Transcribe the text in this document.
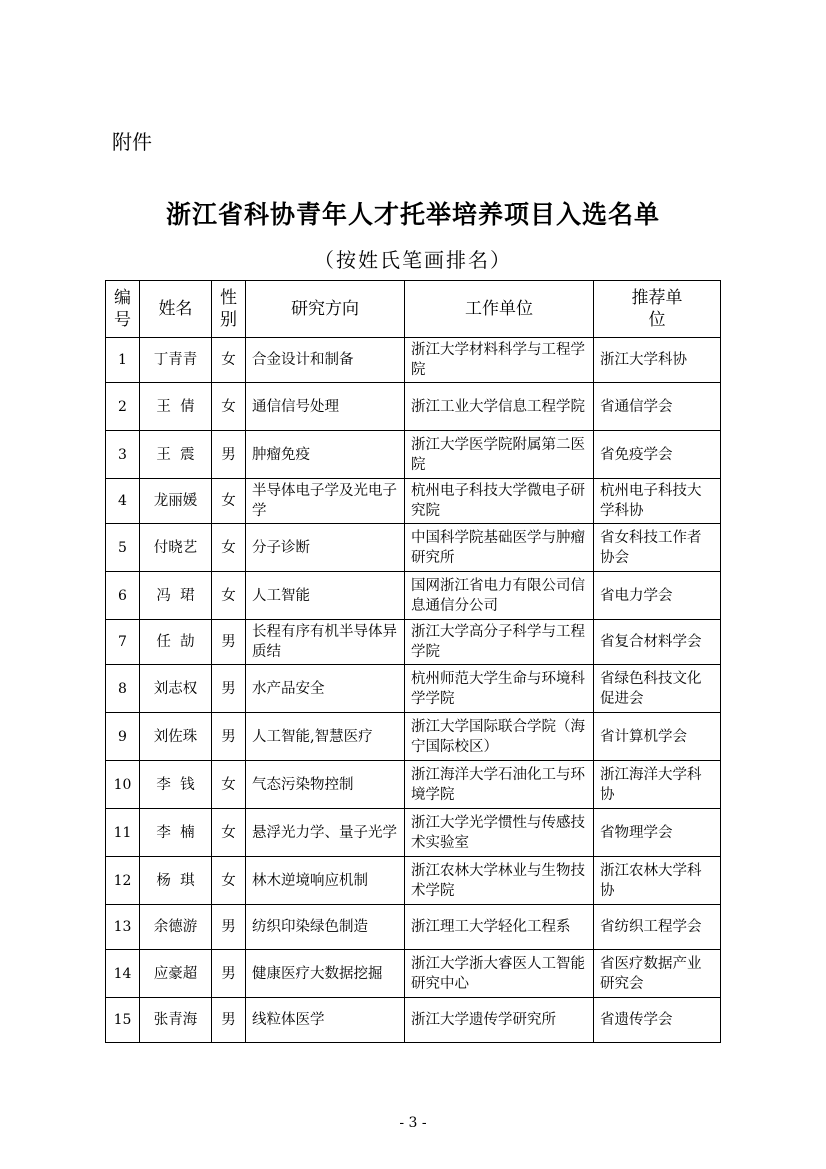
附件
浙江省科协青年人才托举培养项目入选名单
（按姓氏笔画排名）
编号	姓名	性别	研究方向	工作单位	推荐单位
1	丁青青	女	合金设计和制备	浙江大学材料科学与工程学院	浙江大学科协
2	王  倩	女	通信信号处理	浙江工业大学信息工程学院	省通信学会
3	王  震	男	肿瘤免疫	浙江大学医学院附属第二医院	省免疫学会
4	龙丽媛	女	半导体电子学及光电子学	杭州电子科技大学微电子研究院	杭州电子科技大学科协
5	付晓艺	女	分子诊断	中国科学院基础医学与肿瘤研究所	省女科技工作者协会
6	冯  珺	女	人工智能	国网浙江省电力有限公司信息通信分公司	省电力学会
7	任  劼	男	长程有序有机半导体异质结	浙江大学高分子科学与工程学院	省复合材料学会
8	刘志权	男	水产品安全	杭州师范大学生命与环境科学学院	省绿色科技文化促进会
9	刘佐珠	男	人工智能,智慧医疗	浙江大学国际联合学院（海宁国际校区）	省计算机学会
10	李  钱	女	气态污染物控制	浙江海洋大学石油化工与环境学院	浙江海洋大学科协
11	李  楠	女	悬浮光力学、量子光学	浙江大学光学惯性与传感技术实验室	省物理学会
12	杨  琪	女	林木逆境响应机制	浙江农林大学林业与生物技术学院	浙江农林大学科协
13	余德游	男	纺织印染绿色制造	浙江理工大学轻化工程系	省纺织工程学会
14	应豪超	男	健康医疗大数据挖掘	浙江大学浙大睿医人工智能研究中心	省医疗数据产业研究会
15	张青海	男	线粒体医学	浙江大学遗传学研究所	省遗传学会
- 3 -
